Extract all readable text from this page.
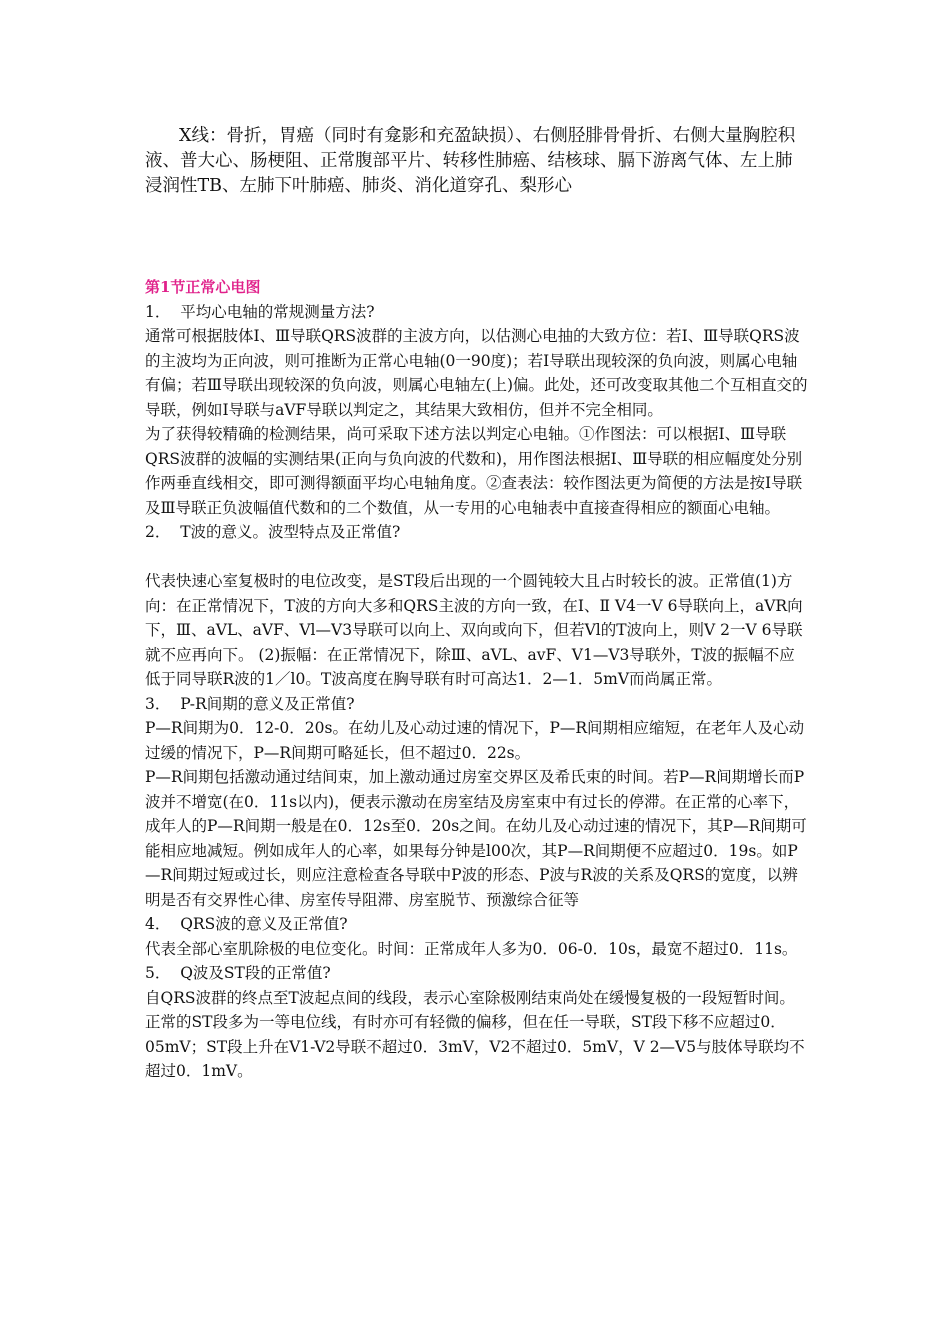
X线：骨折，胃癌（同时有龛影和充盈缺损）、右侧胫腓骨骨折、右侧大量胸腔积液、普大心、肠梗阻、正常腹部平片、转移性肺癌、结核球、膈下游离气体、左上肺浸润性TB、左肺下叶肺癌、肺炎、消化道穿孔、梨形心

第1节正常心电图

1．  平均心电轴的常规测量方法?

通常可根据肢体Ⅰ、Ⅲ导联QRS波群的主波方向，以估测心电抽的大致方位：若I、Ⅲ导联QRS波的主波均为正向波，则可推断为正常心电轴(0一90度)；若I导联出现较深的负向波，则属心电轴有偏；若Ⅲ导联出现较深的负向波，则属心电轴左(上)偏。此处，还可改变取其他二个互相直交的导联，例如I导联与aVF导联以判定之，其结果大致相仿，但并不完全相同。

为了获得较精确的检测结果，尚可采取下述方法以判定心电轴。①作图法：可以根据I、Ⅲ导联QRS波群的波幅的实测结果(正向与负向波的代数和)，用作图法根据I、Ⅲ导联的相应幅度处分别作两垂直线相交，即可测得额面平均心电轴角度。②查表法：较作图法更为简便的方法是按I导联及Ⅲ导联正负波幅值代数和的二个数值，从一专用的心电轴表中直接查得相应的额面心电轴。

2．  T波的意义。波型特点及正常值?

代表快速心室复极时的电位改变，是ST段后出现的一个圆钝较大且占时较长的波。正常值(1)方向：在正常情况下，T波的方向大多和QRS主波的方向一致，在Ⅰ、Ⅱ V4一V 6导联向上，aVR向下，Ⅲ、aVL、aVF、Vl—V3导联可以向上、双向或向下，但若Vl的T波向上，则V 2一V 6导联就不应再向下。 (2)振幅：在正常情况下，除Ⅲ、aVL、avF、V1—V3导联外，T波的振幅不应低于同导联R波的1／l0。T波高度在胸导联有时可高达1．2—1．5mV而尚属正常。

3．  P-R间期的意义及正常值?

P—R间期为0．12-0．20s。在幼儿及心动过速的情况下，P—R间期相应缩短，在老年人及心动过缓的情况下，P—R间期可略延长，但不超过0．22s。

P—R间期包括激动通过结间束，加上激动通过房室交界区及希氏束的时间。若P—R间期增长而P波并不增宽(在0．11s以内)，便表示激动在房室结及房室束中有过长的停滞。在正常的心率下，成年人的P—R间期一般是在0．12s至0．20s之间。在幼儿及心动过速的情况下，其P—R间期可能相应地减短。例如成年人的心率，如果每分钟是l00次，其P—R间期便不应超过0．19s。如P—R间期过短或过长，则应注意检查各导联中P波的形态、P波与R波的关系及QRS的宽度，以辨明是否有交界性心律、房室传导阻滞、房室脱节、预激综合征等

4．  QRS波的意义及正常值?

代表全部心室肌除极的电位变化。时间：正常成年人多为0．06-0．10s，最宽不超过0．11s。

5．  Q波及ST段的正常值?

自QRS波群的终点至T波起点间的线段，表示心室除极刚结束尚处在缓慢复极的一段短暂时间。正常的ST段多为一等电位线，有时亦可有轻微的偏移，但在任一导联，ST段下移不应超过0．05mV；ST段上升在V1-V2导联不超过0．3mV，V2不超过0．5mV，V 2—V5与肢体导联均不超过0．1mV。
